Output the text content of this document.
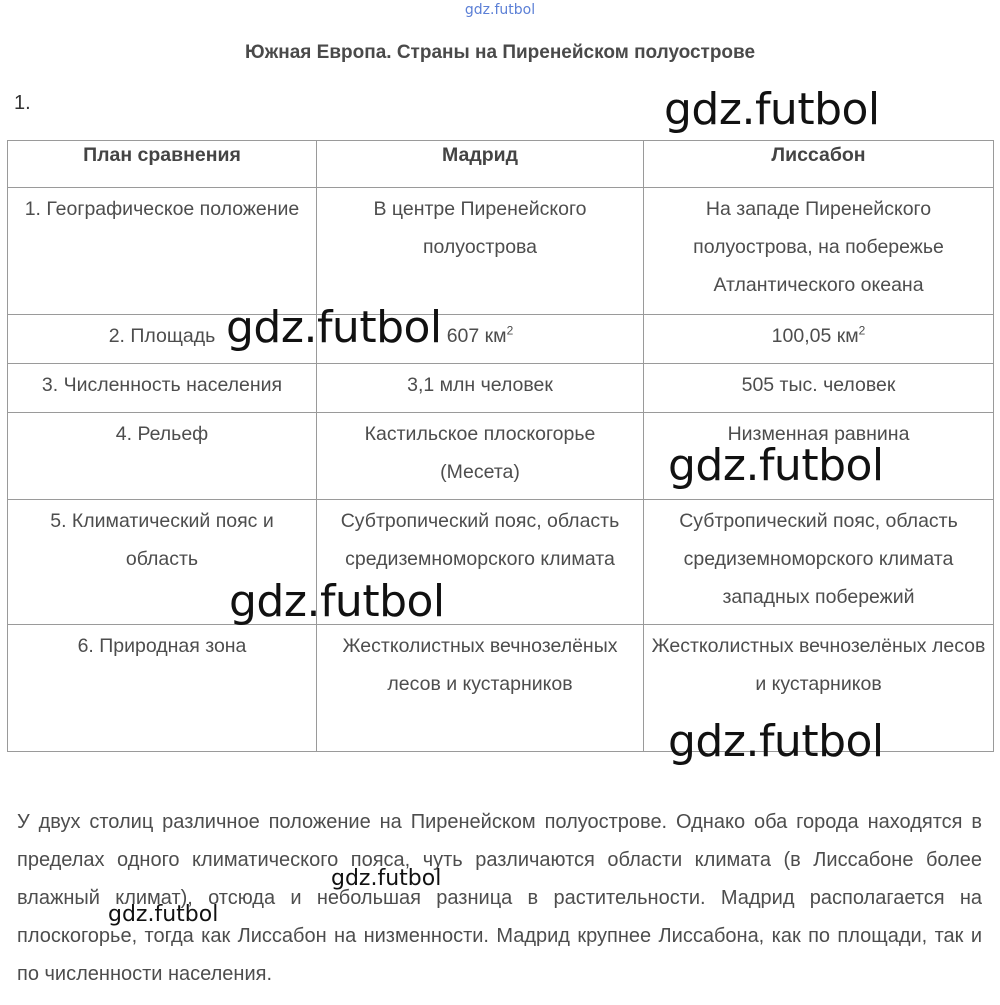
gdz.futbol
Южная Европа. Страны на Пиренейском полуострове
1.
План сравнения	Мадрид	Лиссабон
1. Географическое положение	В центре Пиренейского полуострова	На западе Пиренейского полуострова, на побережье Атлантического океана
2. Площадь	607 $км^2$	100,05 $км^2$
3. Численность населения	3,1 млн человек	505 тыс. человек
4. Рельеф	Кастильское плоскогорье (Месета)	Низменная равнина
5. Климатический пояс и область	Субтропический пояс, область средиземноморского климата	Субтропический пояс, область средиземноморского климата западных побережий
6. Природная зона	Жестколистных вечнозелёных лесов и кустарников	Жестколистных вечнозелёных лесов и кустарников
У двух столиц различное положение на Пиренейском полуострове. Однако оба города находятся в пределах одного климатического пояса, чуть различаются области климата (в Лиссабоне более влажный климат), отсюда и небольшая разница в растительности. Мадрид располагается на плоскогорье, тогда как Лиссабон на низменности. Мадрид крупнее Лиссабона, как по площади, так и по численности населения.
gdz.futbol
gdz.futbol
gdz.futbol
gdz.futbol
gdz.futbol
gdz.futbol
gdz.futbol
